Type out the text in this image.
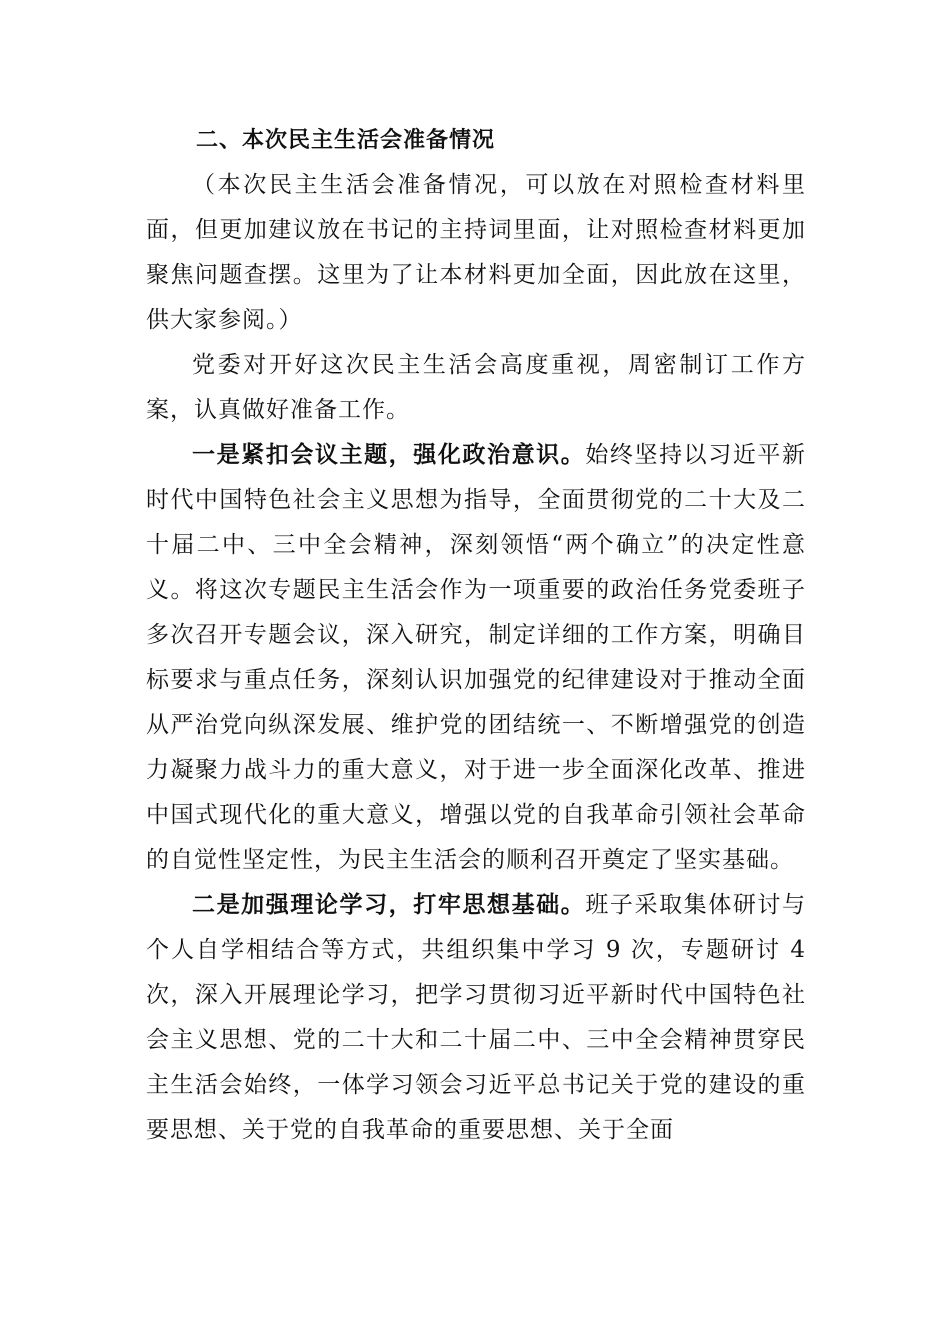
二、本次民主生活会准备情况

（本次民主生活会准备情况，可以放在对照检查材料里面，但更加建议放在书记的主持词里面，让对照检查材料更加聚焦问题查摆。这里为了让本材料更加全面，因此放在这里，供大家参阅。）

党委对开好这次民主生活会高度重视，周密制订工作方案，认真做好准备工作。

一是紧扣会议主题，强化政治意识。始终坚持以习近平新时代中国特色社会主义思想为指导，全面贯彻党的二十大及二十届二中、三中全会精神，深刻领悟“两个确立”的决定性意义。将这次专题民主生活会作为一项重要的政治任务党委班子多次召开专题会议，深入研究，制定详细的工作方案，明确目标要求与重点任务，深刻认识加强党的纪律建设对于推动全面从严治党向纵深发展、维护党的团结统一、不断增强党的创造力凝聚力战斗力的重大意义，对于进一步全面深化改革、推进中国式现代化的重大意义，增强以党的自我革命引领社会革命的自觉性坚定性，为民主生活会的顺利召开奠定了坚实基础。

二是加强理论学习，打牢思想基础。班子采取集体研讨与个人自学相结合等方式，共组织集中学习 9 次，专题研讨 4 次，深入开展理论学习，把学习贯彻习近平新时代中国特色社会主义思想、党的二十大和二十届二中、三中全会精神贯穿民主生活会始终，一体学习领会习近平总书记关于党的建设的重要思想、关于党的自我革命的重要思想、关于全面
